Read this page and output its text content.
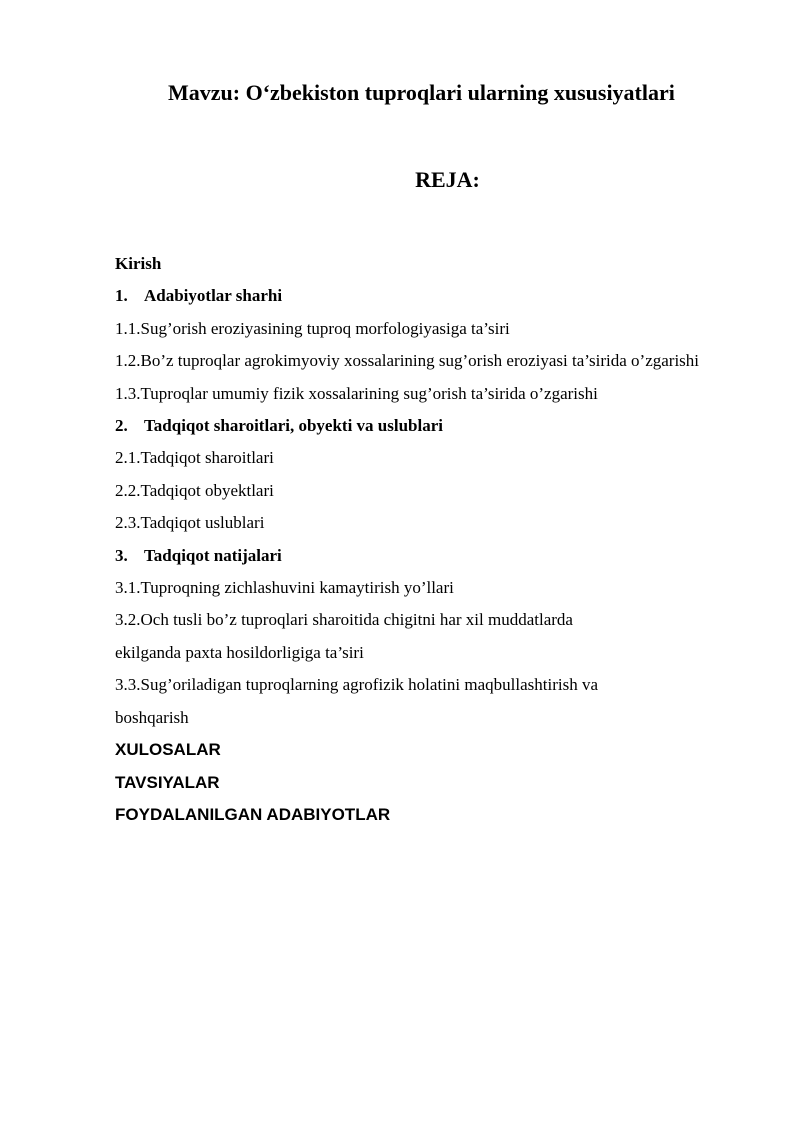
Mavzu: O‘zbekiston tuproqlari ularning xususiyatlari
REJA:
Kirish
1. Adabiyotlar sharhi
1.1.Sug’orish eroziyasining tuproq morfologiyasiga ta’siri
1.2.Bo’z tuproqlar agrokimyoviy xossalarining sug’orish eroziyasi ta’sirida o’zgarishi
1.3.Tuproqlar umumiy fizik xossalarining sug’orish ta’sirida o’zgarishi
2. Tadqiqot sharoitlari, obyekti va uslublari
2.1.Tadqiqot sharoitlari
2.2.Tadqiqot obyektlari
2.3.Tadqiqot uslublari
3. Tadqiqot natijalari
3.1.Tuproqning zichlashuvini kamaytirish yo’llari
3.2.Och tusli bo’z tuproqlari sharoitida chigitni har xil muddatlarda
ekilganda paxta hosildorligiga ta’siri
3.3.Sug’oriladigan tuproqlarning agrofizik holatini maqbullashtirish va
boshqarish
XULOSALAR
TAVSIYALAR
FOYDALANILGAN ADABIYOTLAR
